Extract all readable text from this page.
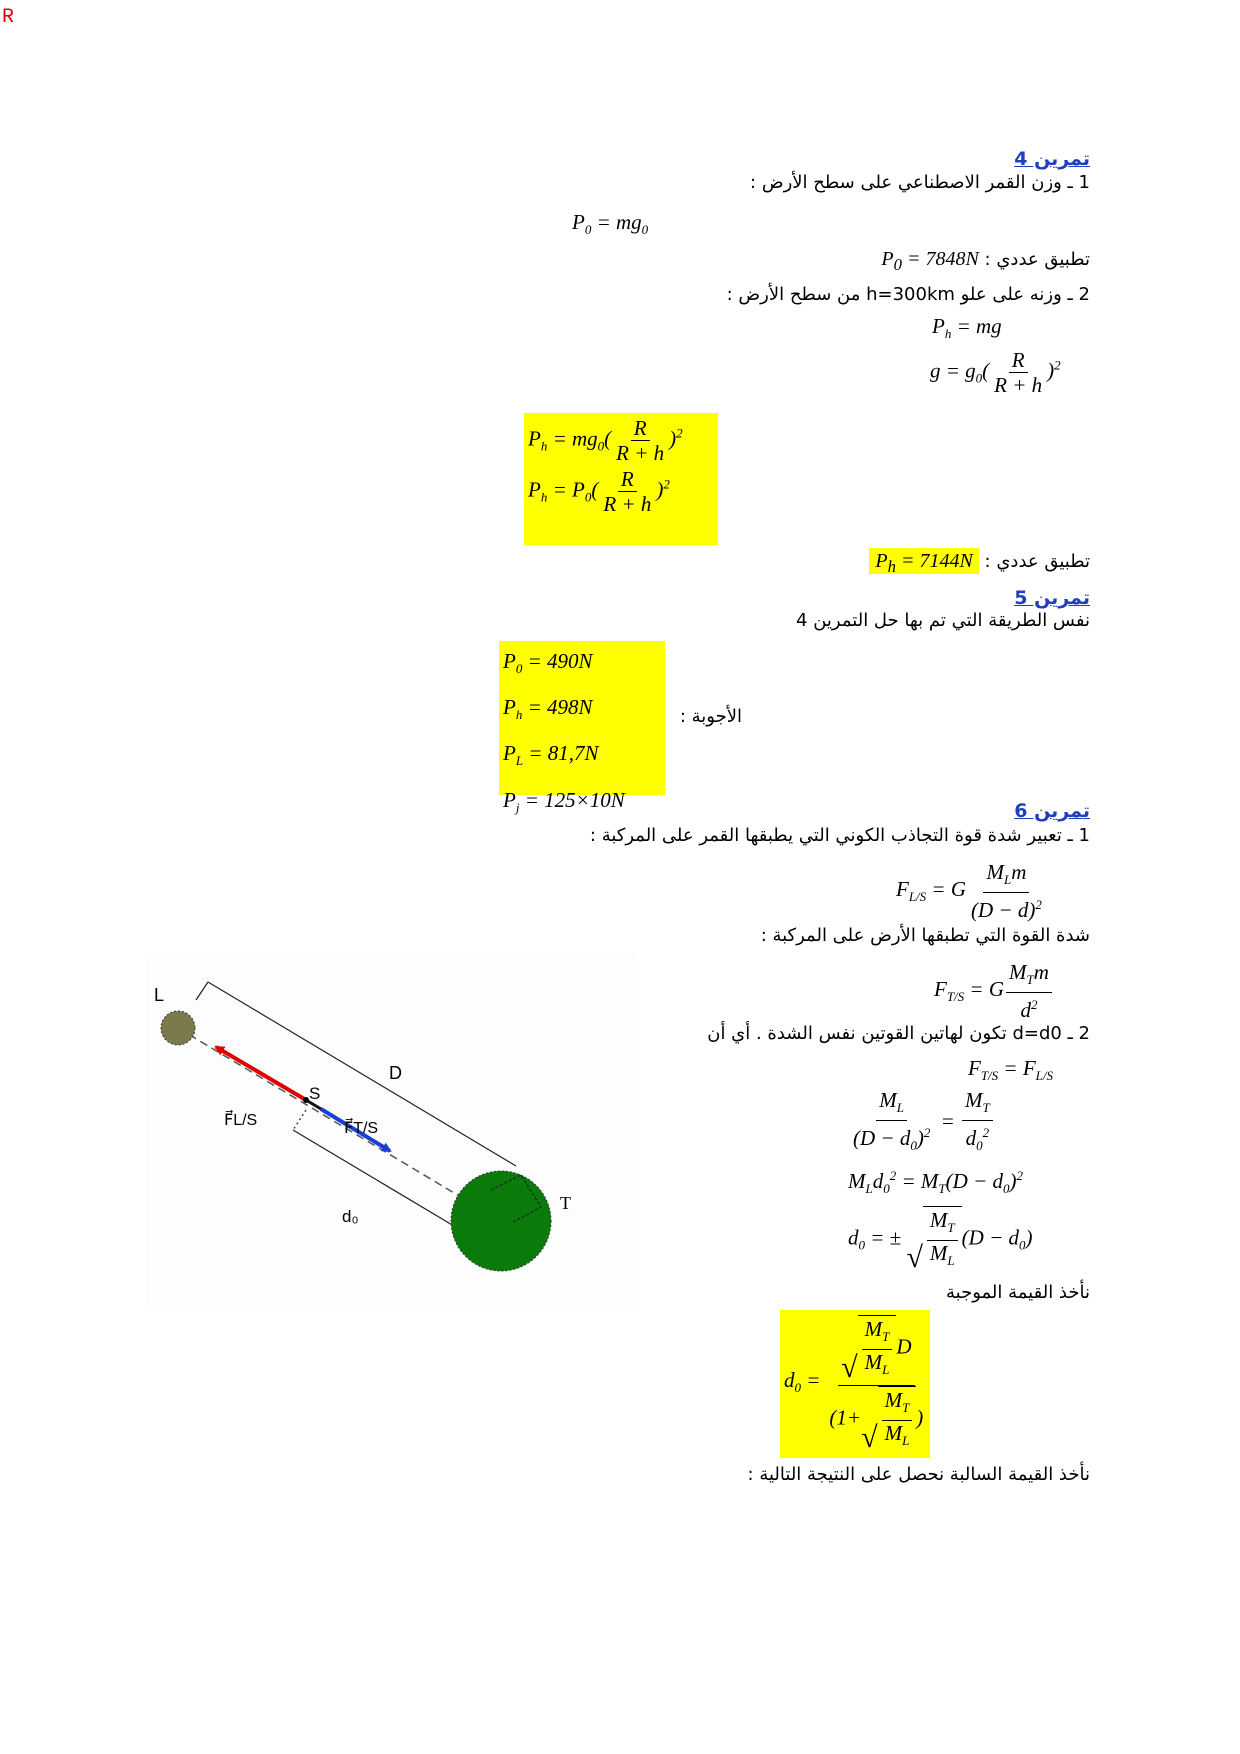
R
تمرين 4
1 ـ وزن القمر الاصطناعي على سطح الأرض :
$P_0 = mg_0$
تطبيق عددي : $P_0 = 7848N$
2 ـ وزنه على علو h=300km من سطح الأرض :
$P_h$ = mg
$g = g_0( \frac{R}{R + h} )^2$
$P_h = mg_0( \frac{R}{R + h} )^2$
$P_h = P_0( \frac{R}{R + h} )^2$
تطبيق عددي : $P_h = 7144N$
تمرين 5
نفس الطريقة التي تم بها حل التمرين 4
$P_0 = 490N$
$P_h = 498N$
$P_L = 81,7N$
$P_j = 125\times 10N$
الأجوبة :
تمرين 6
1 ـ تعبير شدة قوة التجاذب الكوني التي يطبقها القمر على المركبة :
$F_{L/S} = G \frac{M_Lm}{(D - d)^2}$
شدة القوة التي تطبقها الأرض على المركبة :
$F_{T/S} = G \frac{M_Tm}{d^2}$
2 ـ d=d0 تكون لهاتين القوتين نفس الشدة . أي أن
$F_{T/S} = F_{L/S}$
$\frac{M_L}{(D - d_0)^2} = \frac{M_T}{d_0^2}$
$M_Ld_0^2 = M_T(D - d_0)^2$
$d_0$ = ±
√ $\frac{M_T}{M_L} (D - d_0)$
نأخذ القيمة الموجبة
$d_0$ = √ $\frac{M_T}{M_L}$ D
(1+
√ $\frac{M_T}{M_L}$ )
نأخذ القيمة السالبة نحصل على النتيجة التالية :
L
D
S
T
d₀
F⃗L/S	F⃗T/S
